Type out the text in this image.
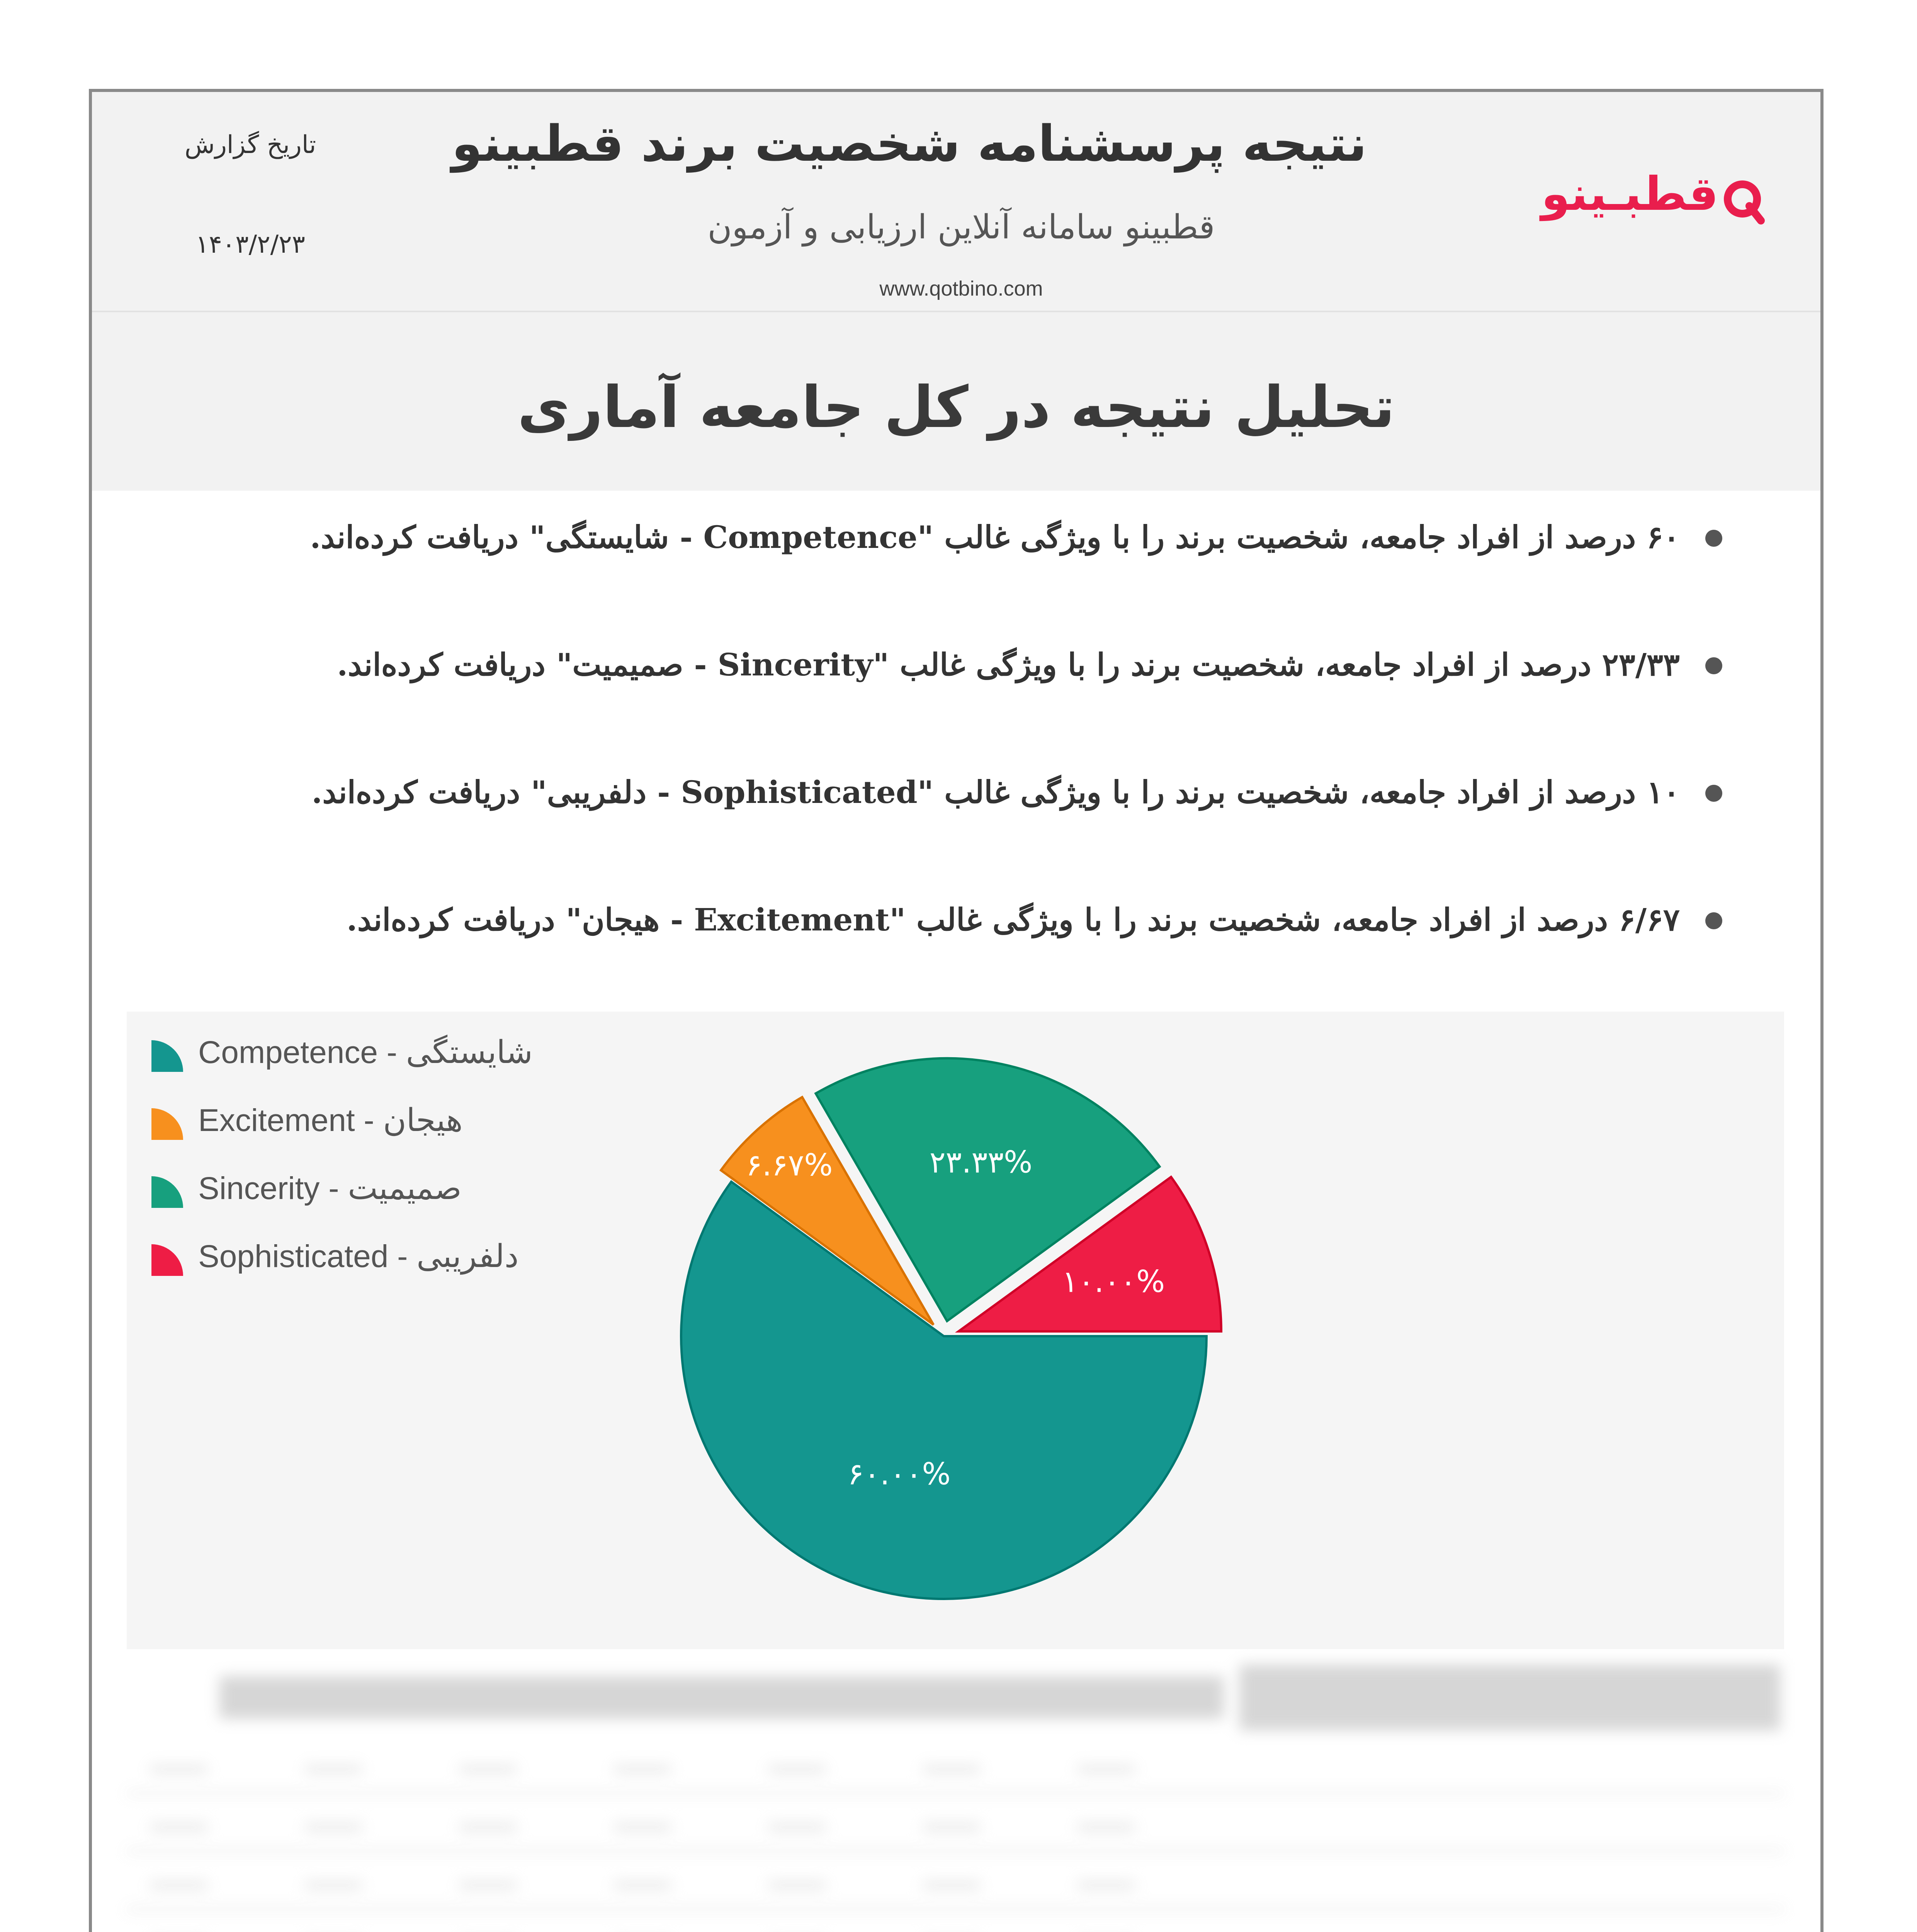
قطبـینو
نتیجه پرسشنامه شخصیت برند قطبینو
قطبینو سامانه آنلاین ارزیابی و آزمون
www.qotbino.com
تاریخ گزارش
۱۴۰۳/۲/۲۳
تحلیل نتیجه در کل جامعه آماری
۶۰ درصد از افراد جامعه، شخصیت برند را با ویژگی غالب "Competence - شایستگی" دریافت کرده‌اند.
۲۳/۳۳ درصد از افراد جامعه، شخصیت برند را با ویژگی غالب "Sincerity - صمیمیت" دریافت کرده‌اند.
۱۰ درصد از افراد جامعه، شخصیت برند را با ویژگی غالب "Sophisticated - دلفریبی" دریافت کرده‌اند.
۶/۶۷ درصد از افراد جامعه، شخصیت برند را با ویژگی غالب "Excitement - هیجان" دریافت کرده‌اند.
۶۰.۰۰%
۶.۶۷%	۲۳.۳۳%
۱۰.۰۰%
Competence - شایستگی
Excitement - هیجان
Sincerity - صمیمیت
Sophisticated - دلفریبی
